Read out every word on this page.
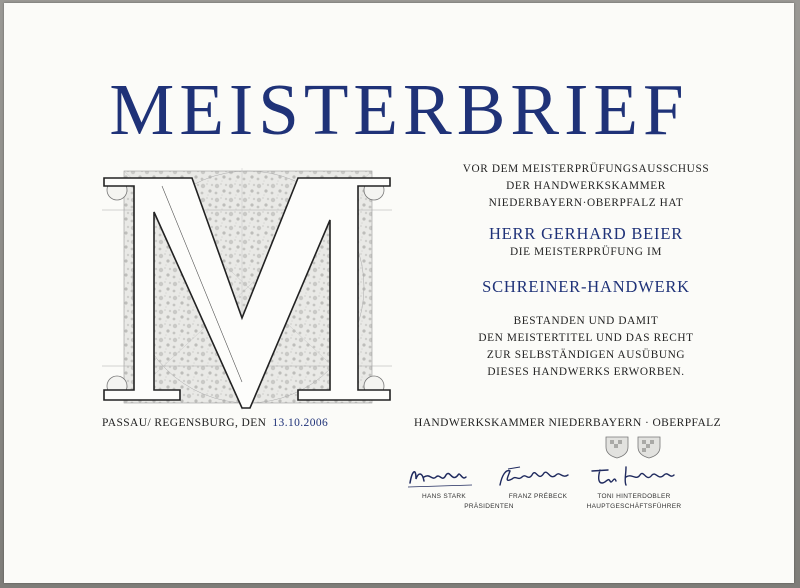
MEISTERBRIEF
VOR DEM MEISTERPRÜFUNGSAUSSCHUSS
DER HANDWERKSKAMMER
NIEDERBAYERN·OBERPFALZ HAT
HERR GERHARD BEIER
DIE MEISTERPRÜFUNG IM
SCHREINER-HANDWERK
BESTANDEN UND DAMIT
DEN MEISTERTITEL UND DAS RECHT
ZUR SELBSTÄNDIGEN AUSÜBUNG
DIESES HANDWERKS ERWORBEN.
PASSAU/ REGENSBURG, DEN 13.10.2006	HANDWERKSKAMMER NIEDERBAYERN · OBERPFALZ
HANS STARK	FRANZ PRÉBECK	TONI HINTERDOBLER
PRÄSIDENTEN	HAUPTGESCHÄFTSFÜHRER
